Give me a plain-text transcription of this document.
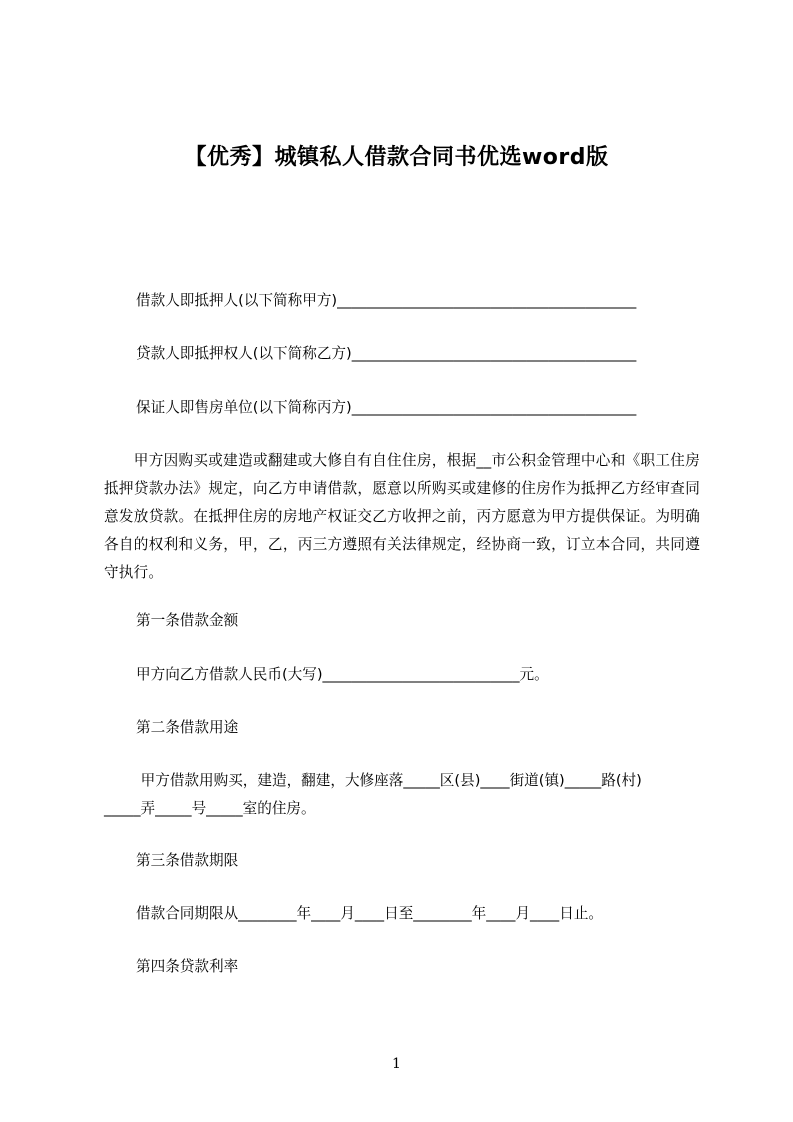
【优秀】城镇私人借款合同书优选word版

借款人即抵押人(以下简称甲方)_________________________________________

贷款人即抵押权人(以下简称乙方)_______________________________________

保证人即售房单位(以下简称丙方)_______________________________________

　　甲方因购买或建造或翻建或大修自有自住住房，根据__市公积金管理中心和《职工住房抵押贷款办法》规定，向乙方申请借款，愿意以所购买或建修的住房作为抵押乙方经审查同意发放贷款。在抵押住房的房地产权证交乙方收押之前，丙方愿意为甲方提供保证。为明确各自的权利和义务，甲，乙，丙三方遵照有关法律规定，经协商一致，订立本合同，共同遵守执行。

第一条借款金额

甲方向乙方借款人民币(大写)___________________________元。

第二条借款用途

甲方借款用购买，建造，翻建，大修座落_____区(县)____街道(镇)_____路(村)

_____弄_____号_____室的住房。

第三条借款期限

借款合同期限从________年____月____日至________年____月____日止。

第四条贷款利率

1
